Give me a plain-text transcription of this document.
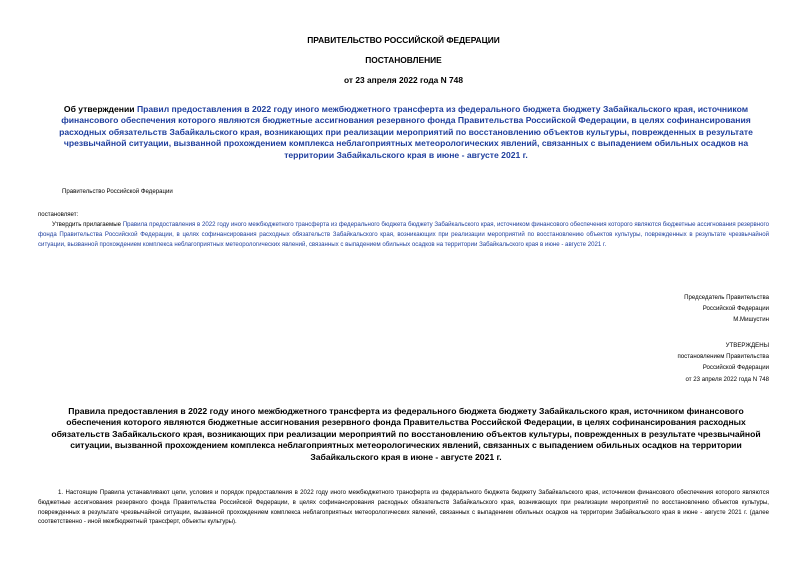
ПРАВИТЕЛЬСТВО РОССИЙСКОЙ ФЕДЕРАЦИИ
ПОСТАНОВЛЕНИЕ
от 23 апреля 2022 года N 748
Об утверждении Правил предоставления в 2022 году иного межбюджетного трансферта из федерального бюджета бюджету Забайкальского края, источником финансового обеспечения которого являются бюджетные ассигнования резервного фонда Правительства Российской Федерации, в целях софинансирования расходных обязательств Забайкальского края, возникающих при реализации мероприятий по восстановлению объектов культуры, поврежденных в результате чрезвычайной ситуации, вызванной прохождением комплекса неблагоприятных метеорологических явлений, связанных с выпадением обильных осадков на территории Забайкальского края в июне - августе 2021 г.
Правительство Российской Федерации
постановляет:
Утвердить прилагаемые Правила предоставления в 2022 году иного межбюджетного трансферта из федерального бюджета бюджету Забайкальского края, источником финансового обеспечения которого являются бюджетные ассигнования резервного фонда Правительства Российской Федерации, в целях софинансирования расходных обязательств Забайкальского края, возникающих при реализации мероприятий по восстановлению объектов культуры, поврежденных в результате чрезвычайной ситуации, вызванной прохождением комплекса неблагоприятных метеорологических явлений, связанных с выпадением обильных осадков на территории Забайкальского края в июне - августе 2021 г.
Председатель Правительства
Российской Федерации
М.Мишустин
УТВЕРЖДЕНЫ
постановлением Правительства
Российской Федерации
от 23 апреля 2022 года N 748
Правила предоставления в 2022 году иного межбюджетного трансферта из федерального бюджета бюджету Забайкальского края, источником финансового обеспечения которого являются бюджетные ассигнования резервного фонда Правительства Российской Федерации, в целях софинансирования расходных обязательств Забайкальского края, возникающих при реализации мероприятий по восстановлению объектов культуры, поврежденных в результате чрезвычайной ситуации, вызванной прохождением комплекса неблагоприятных метеорологических явлений, связанных с выпадением обильных осадков на территории Забайкальского края в июне - августе 2021 г.
1. Настоящие Правила устанавливают цели, условия и порядок предоставления в 2022 году иного межбюджетного трансферта из федерального бюджета бюджету Забайкальского края, источником финансового обеспечения которого являются бюджетные ассигнования резервного фонда Правительства Российской Федерации, в целях софинансирования расходных обязательств Забайкальского края, возникающих при реализации мероприятий по восстановлению объектов культуры, поврежденных в результате чрезвычайной ситуации, вызванной прохождением комплекса неблагоприятных метеорологических явлений, связанных с выпадением обильных осадков на территории Забайкальского края в июне - августе 2021 г. (далее соответственно - иной межбюджетный трансферт, объекты культуры).
